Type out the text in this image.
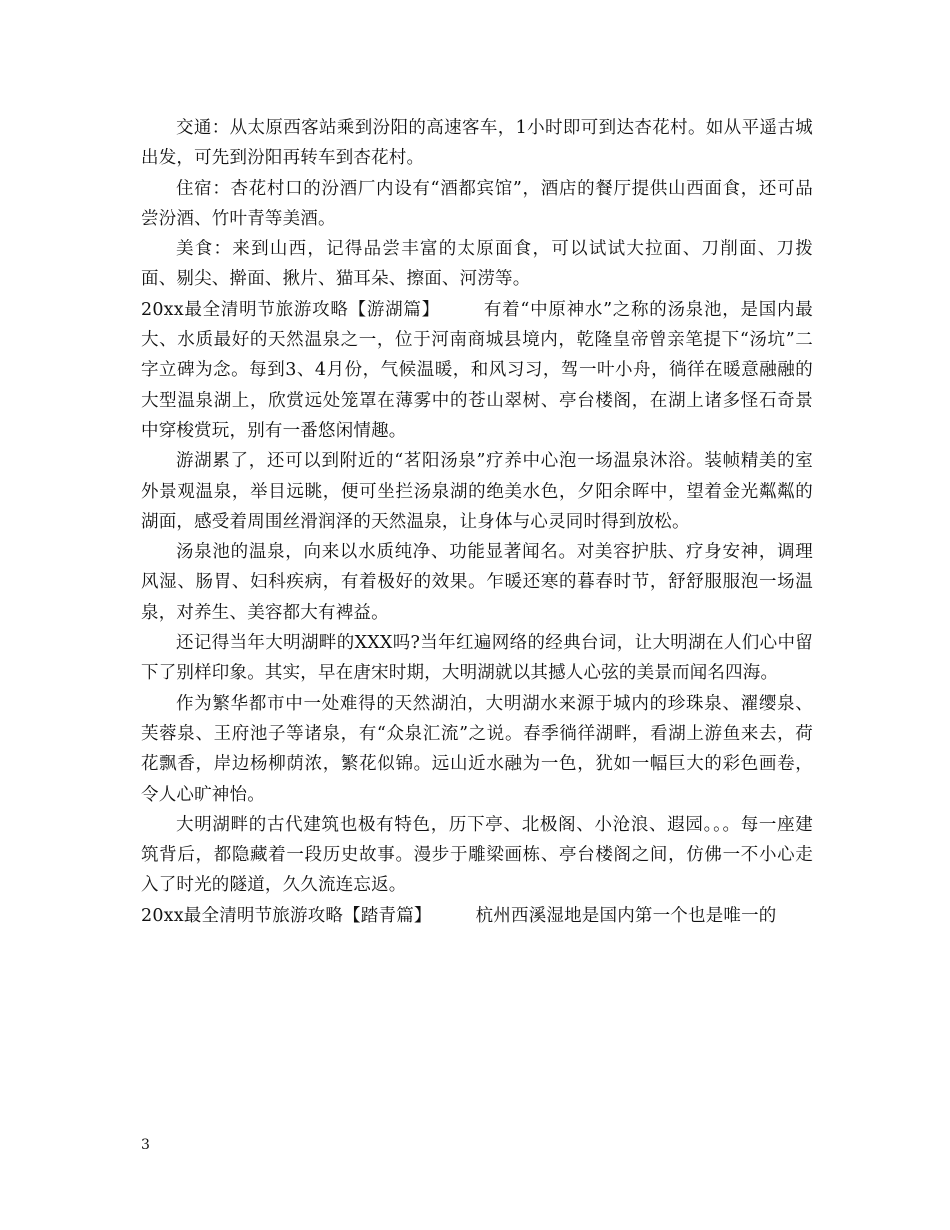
交通：从太原西客站乘到汾阳的高速客车，1小时即可到达杏花村。如从平遥古城出发，可先到汾阳再转车到杏花村。

住宿：杏花村口的汾酒厂内设有“酒都宾馆”，酒店的餐厅提供山西面食，还可品尝汾酒、竹叶青等美酒。

美食：来到山西，记得品尝丰富的太原面食，可以试试大拉面、刀削面、刀拨面、剔尖、擀面、揪片、猫耳朵、擦面、河涝等。

20xx最全清明节旅游攻略【游湖篇】	有着“中原神水”之称的汤泉池，是国内最大、水质最好的天然温泉之一，位于河南商城县境内，乾隆皇帝曾亲笔提下“汤坑”二字立碑为念。每到3、4月份，气候温暖，和风习习，驾一叶小舟，徜徉在暖意融融的大型温泉湖上，欣赏远处笼罩在薄雾中的苍山翠树、亭台楼阁，在湖上诸多怪石奇景中穿梭赏玩，别有一番悠闲情趣。

游湖累了，还可以到附近的“茗阳汤泉”疗养中心泡一场温泉沐浴。装帧精美的室外景观温泉，举目远眺，便可坐拦汤泉湖的绝美水色，夕阳余晖中，望着金光粼粼的湖面，感受着周围丝滑润泽的天然温泉，让身体与心灵同时得到放松。

汤泉池的温泉，向来以水质纯净、功能显著闻名。对美容护肤、疗身安神，调理风湿、肠胃、妇科疾病，有着极好的效果。乍暖还寒的暮春时节，舒舒服服泡一场温泉，对养生、美容都大有裨益。

还记得当年大明湖畔的XXX吗?当年红遍网络的经典台词，让大明湖在人们心中留下了别样印象。其实，早在唐宋时期，大明湖就以其撼人心弦的美景而闻名四海。

作为繁华都市中一处难得的天然湖泊，大明湖水来源于城内的珍珠泉、濯缨泉、芙蓉泉、王府池子等诸泉，有“众泉汇流”之说。春季徜徉湖畔，看湖上游鱼来去，荷花飘香，岸边杨柳荫浓，繁花似锦。远山近水融为一色，犹如一幅巨大的彩色画卷，令人心旷神怡。

大明湖畔的古代建筑也极有特色，历下亭、北极阁、小沧浪、遐园。。。每一座建筑背后，都隐藏着一段历史故事。漫步于雕梁画栋、亭台楼阁之间，仿佛一不小心走入了时光的隧道，久久流连忘返。

20xx最全清明节旅游攻略【踏青篇】	杭州西溪湿地是国内第一个也是唯一的

3
